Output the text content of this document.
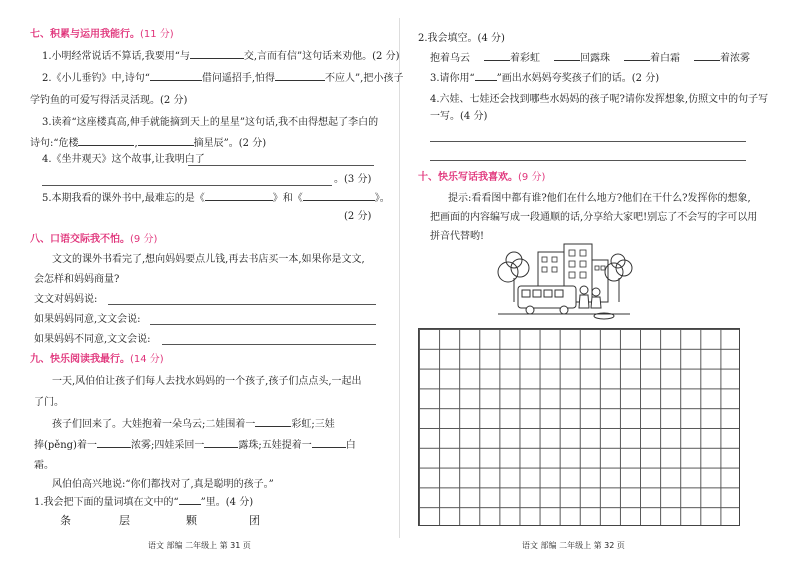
七、积累与运用我能行。(11 分)
1.小明经常说话不算话,我要用“与	交,言而有信”这句话来劝他。(2 分)
2.《小儿垂钓》中,诗句“	借问遥招手,怕得	不应人”,把小孩子
学钓鱼的可爱写得活灵活现。(2 分)
3.读着“这座楼真高,伸手就能摘到天上的星星”这句话,我不由得想起了李白的
诗句:“危楼	,	摘星辰”。(2 分)
4.《坐井观天》这个故事,让我明白了
。(3 分)
5.本期我看的课外书中,最难忘的是《	》和《	》。
(2 分)
八、口语交际我不怕。(9 分)
文文的课外书看完了,想向妈妈要点儿钱,再去书店买一本,如果你是文文,
会怎样和妈妈商量?
文文对妈妈说:
如果妈妈同意,文文会说:
如果妈妈不同意,文文会说:
九、快乐阅读我最行。(14 分)
一天,风伯伯让孩子们每人去找水妈妈的一个孩子,孩子们点点头,一起出
了门。
孩子们回来了。大娃抱着一朵乌云;二娃围着一	彩虹;三娃
捧(pěng)着一	浓雾;四娃采回一	露珠;五娃提着一	白
霜。
风伯伯高兴地说:“你们都找对了,真是聪明的孩子。”
1.我会把下面的量词填在文中的“ ”里。(4 分)
条	层	颗	团
语文 部编 二年级上 第 31 页
2.我会填空。(4 分)
抱着乌云	着彩虹	回露珠	着白霜	着浓雾
3.请你用“ ”画出水妈妈夸奖孩子们的话。(2 分)
4.六娃、七娃还会找到哪些水妈妈的孩子呢?请你发挥想象,仿照文中的句子写
一写。(4 分)
十、快乐写话我喜欢。(9 分)
提示:看看图中都有谁?他们在什么地方?他们在干什么?发挥你的想象,
把画面的内容编写成一段通顺的话,分享给大家吧!别忘了不会写的字可以用
拼音代替哟!
语文 部编 二年级上 第 32 页
